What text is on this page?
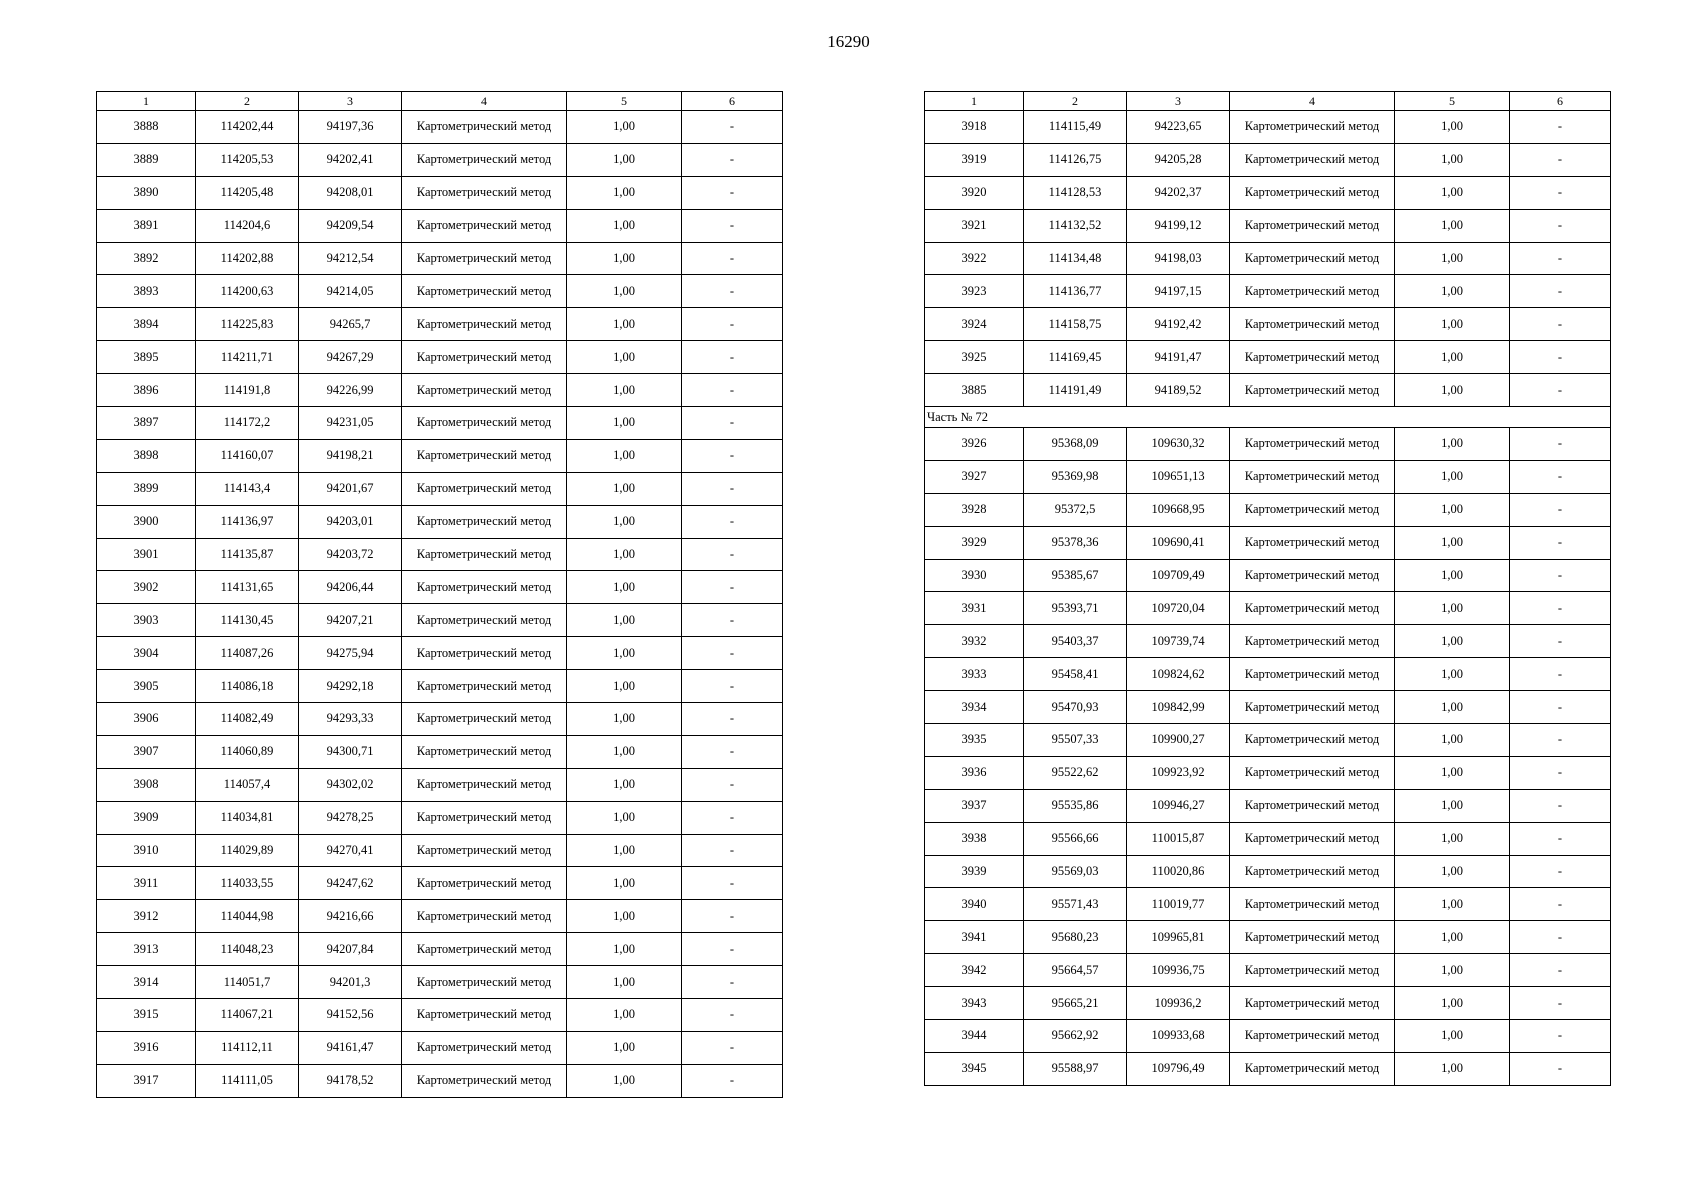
16290
1	2	3	4	5	6
3888	114202,44	94197,36	Картометрический метод	1,00	-
3889	114205,53	94202,41	Картометрический метод	1,00	-
3890	114205,48	94208,01	Картометрический метод	1,00	-
3891	114204,6	94209,54	Картометрический метод	1,00	-
3892	114202,88	94212,54	Картометрический метод	1,00	-
3893	114200,63	94214,05	Картометрический метод	1,00	-
3894	114225,83	94265,7	Картометрический метод	1,00	-
3895	114211,71	94267,29	Картометрический метод	1,00	-
3896	114191,8	94226,99	Картометрический метод	1,00	-
3897	114172,2	94231,05	Картометрический метод	1,00	-
3898	114160,07	94198,21	Картометрический метод	1,00	-
3899	114143,4	94201,67	Картометрический метод	1,00	-
3900	114136,97	94203,01	Картометрический метод	1,00	-
3901	114135,87	94203,72	Картометрический метод	1,00	-
3902	114131,65	94206,44	Картометрический метод	1,00	-
3903	114130,45	94207,21	Картометрический метод	1,00	-
3904	114087,26	94275,94	Картометрический метод	1,00	-
3905	114086,18	94292,18	Картометрический метод	1,00	-
3906	114082,49	94293,33	Картометрический метод	1,00	-
3907	114060,89	94300,71	Картометрический метод	1,00	-
3908	114057,4	94302,02	Картометрический метод	1,00	-
3909	114034,81	94278,25	Картометрический метод	1,00	-
3910	114029,89	94270,41	Картометрический метод	1,00	-
3911	114033,55	94247,62	Картометрический метод	1,00	-
3912	114044,98	94216,66	Картометрический метод	1,00	-
3913	114048,23	94207,84	Картометрический метод	1,00	-
3914	114051,7	94201,3	Картометрический метод	1,00	-
3915	114067,21	94152,56	Картометрический метод	1,00	-
3916	114112,11	94161,47	Картометрический метод	1,00	-
3917	114111,05	94178,52	Картометрический метод	1,00	-
1	2	3	4	5	6
3918	114115,49	94223,65	Картометрический метод	1,00	-
3919	114126,75	94205,28	Картометрический метод	1,00	-
3920	114128,53	94202,37	Картометрический метод	1,00	-
3921	114132,52	94199,12	Картометрический метод	1,00	-
3922	114134,48	94198,03	Картометрический метод	1,00	-
3923	114136,77	94197,15	Картометрический метод	1,00	-
3924	114158,75	94192,42	Картометрический метод	1,00	-
3925	114169,45	94191,47	Картометрический метод	1,00	-
3885	114191,49	94189,52	Картометрический метод	1,00	-
Часть № 72					
3926	95368,09	109630,32	Картометрический метод	1,00	-
3927	95369,98	109651,13	Картометрический метод	1,00	-
3928	95372,5	109668,95	Картометрический метод	1,00	-
3929	95378,36	109690,41	Картометрический метод	1,00	-
3930	95385,67	109709,49	Картометрический метод	1,00	-
3931	95393,71	109720,04	Картометрический метод	1,00	-
3932	95403,37	109739,74	Картометрический метод	1,00	-
3933	95458,41	109824,62	Картометрический метод	1,00	-
3934	95470,93	109842,99	Картометрический метод	1,00	-
3935	95507,33	109900,27	Картометрический метод	1,00	-
3936	95522,62	109923,92	Картометрический метод	1,00	-
3937	95535,86	109946,27	Картометрический метод	1,00	-
3938	95566,66	110015,87	Картометрический метод	1,00	-
3939	95569,03	110020,86	Картометрический метод	1,00	-
3940	95571,43	110019,77	Картометрический метод	1,00	-
3941	95680,23	109965,81	Картометрический метод	1,00	-
3942	95664,57	109936,75	Картометрический метод	1,00	-
3943	95665,21	109936,2	Картометрический метод	1,00	-
3944	95662,92	109933,68	Картометрический метод	1,00	-
3945	95588,97	109796,49	Картометрический метод	1,00	-
